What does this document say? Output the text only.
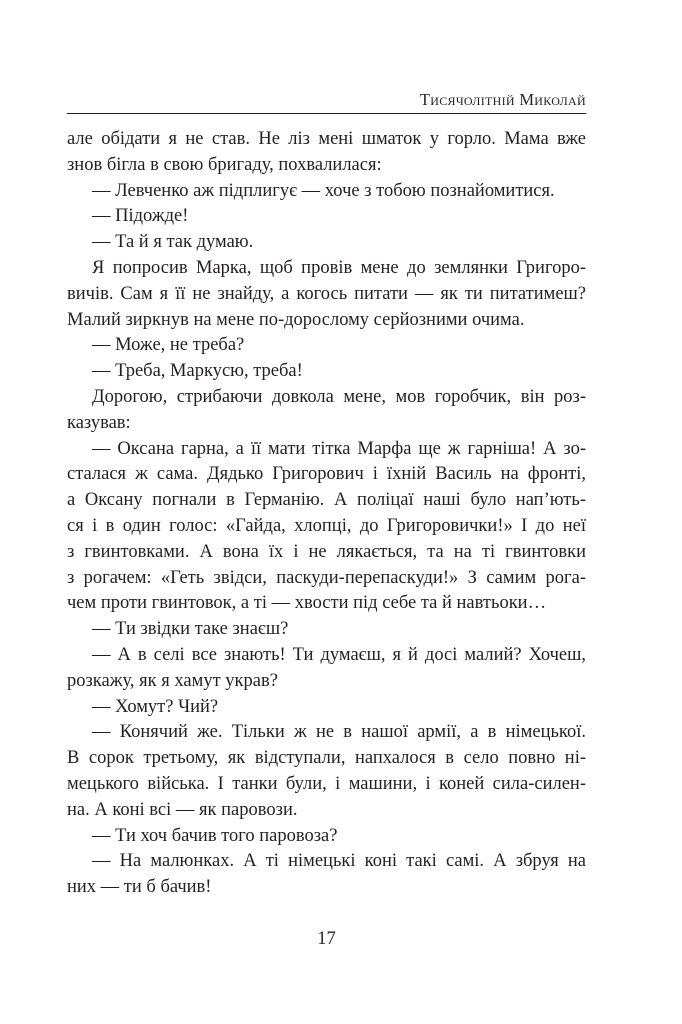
Тисячолітній Миколай
але обідати я не став. Не ліз мені шматок у горло. Мама вже
знов бігла в свою бригаду, похвалилася:
— Левченко аж підплигує — хоче з тобою познайомитися.
— Підожде!
— Та й я так думаю.
Я попросив Марка, щоб провів мене до землянки Григоро-
вичів. Сам я її не знайду, а когось питати — як ти питатимеш?
Малий зиркнув на мене по-дорослому серйозними очима.
— Може, не треба?
— Треба, Маркусю, треба!
Дорогою, стрибаючи довкола мене, мов горобчик, він роз-
казував:
— Оксана гарна, а її мати тітка Марфа ще ж гарніша! А зо-
сталася ж сама. Дядько Григорович і їхній Василь на фронті,
а Оксану погнали в Германію. А поліцаї наші було нап’ють-
ся і в один голос: «Гайда, хлопці, до Григоровички!» І до неї
з гвинтовками. А вона їх і не лякається, та на ті гвинтовки
з рогачем: «Геть звідси, паскуди-перепаскуди!» З самим рога-
чем проти гвинтовок, а ті — хвости під себе та й навтьоки…
— Ти звідки таке знаєш?
— А в селі все знають! Ти думаєш, я й досі малий? Хочеш,
розкажу, як я хамут украв?
— Хомут? Чий?
— Конячий же. Тільки ж не в нашої армії, а в німецької.
В сорок третьому, як відступали, напхалося в село повно ні-
мецького війська. І танки були, і машини, і коней сила-силен-
на. А коні всі — як паровози.
— Ти хоч бачив того паровоза?
— На малюнках. А ті німецькі коні такі самі. А збруя на
них — ти б бачив!
17
